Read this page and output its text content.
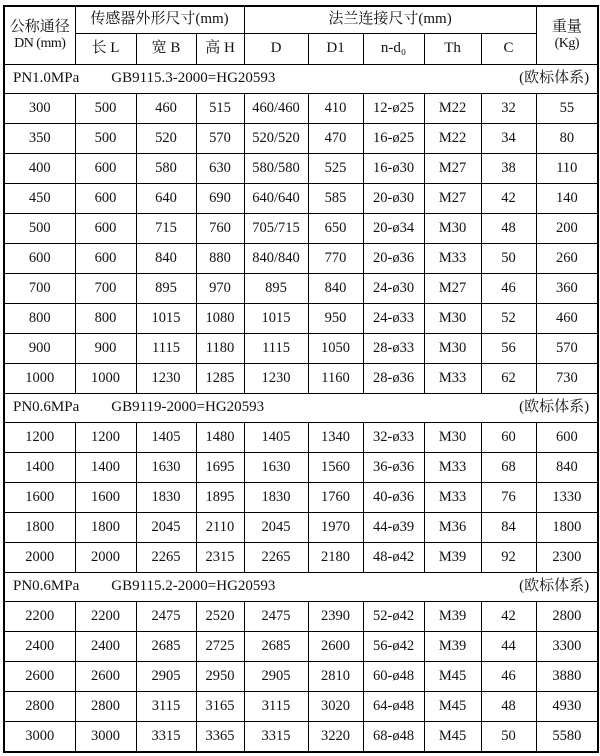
公称通径
DN (mm)	传感器外形尺寸(mm)			法兰连接尺寸(mm)					重量
(Kg)

	长 L	宽 B	高 H	D	D1	n-d₀	Th	C	

PN1.0MPa GB9115.3-2000=HG20593 (欧标体系)									

300	500	460	515	460/460	410	12-ø25	M22	32	55
350	500	520	570	520/520	470	16-ø25	M22	34	80
400	600	580	630	580/580	525	16-ø30	M27	38	110
450	600	640	690	640/640	585	20-ø30	M27	42	140
500	600	715	760	705/715	650	20-ø34	M30	48	200
600	600	840	880	840/840	770	20-ø36	M33	50	260
700	700	895	970	895	840	24-ø30	M27	46	360
800	800	1015	1080	1015	950	24-ø33	M30	52	460
900	900	1115	1180	1115	1050	28-ø33	M30	56	570
1000	1000	1230	1285	1230	1160	28-ø36	M33	62	730

PN0.6MPa GB9119-2000=HG20593 (欧标体系)									

1200	1200	1405	1480	1405	1340	32-ø33	M30	60	600
1400	1400	1630	1695	1630	1560	36-ø36	M33	68	840
1600	1600	1830	1895	1830	1760	40-ø36	M33	76	1330
1800	1800	2045	2110	2045	1970	44-ø39	M36	84	1800
2000	2000	2265	2315	2265	2180	48-ø42	M39	92	2300

PN0.6MPa GB9115.2-2000=HG20593 (欧标体系)									

2200	2200	2475	2520	2475	2390	52-ø42	M39	42	2800
2400	2400	2685	2725	2685	2600	56-ø42	M39	44	3300
2600	2600	2905	2950	2905	2810	60-ø48	M45	46	3880
2800	2800	3115	3165	3115	3020	64-ø48	M45	48	4930
3000	3000	3315	3365	3315	3220	68-ø48	M45	50	5580
